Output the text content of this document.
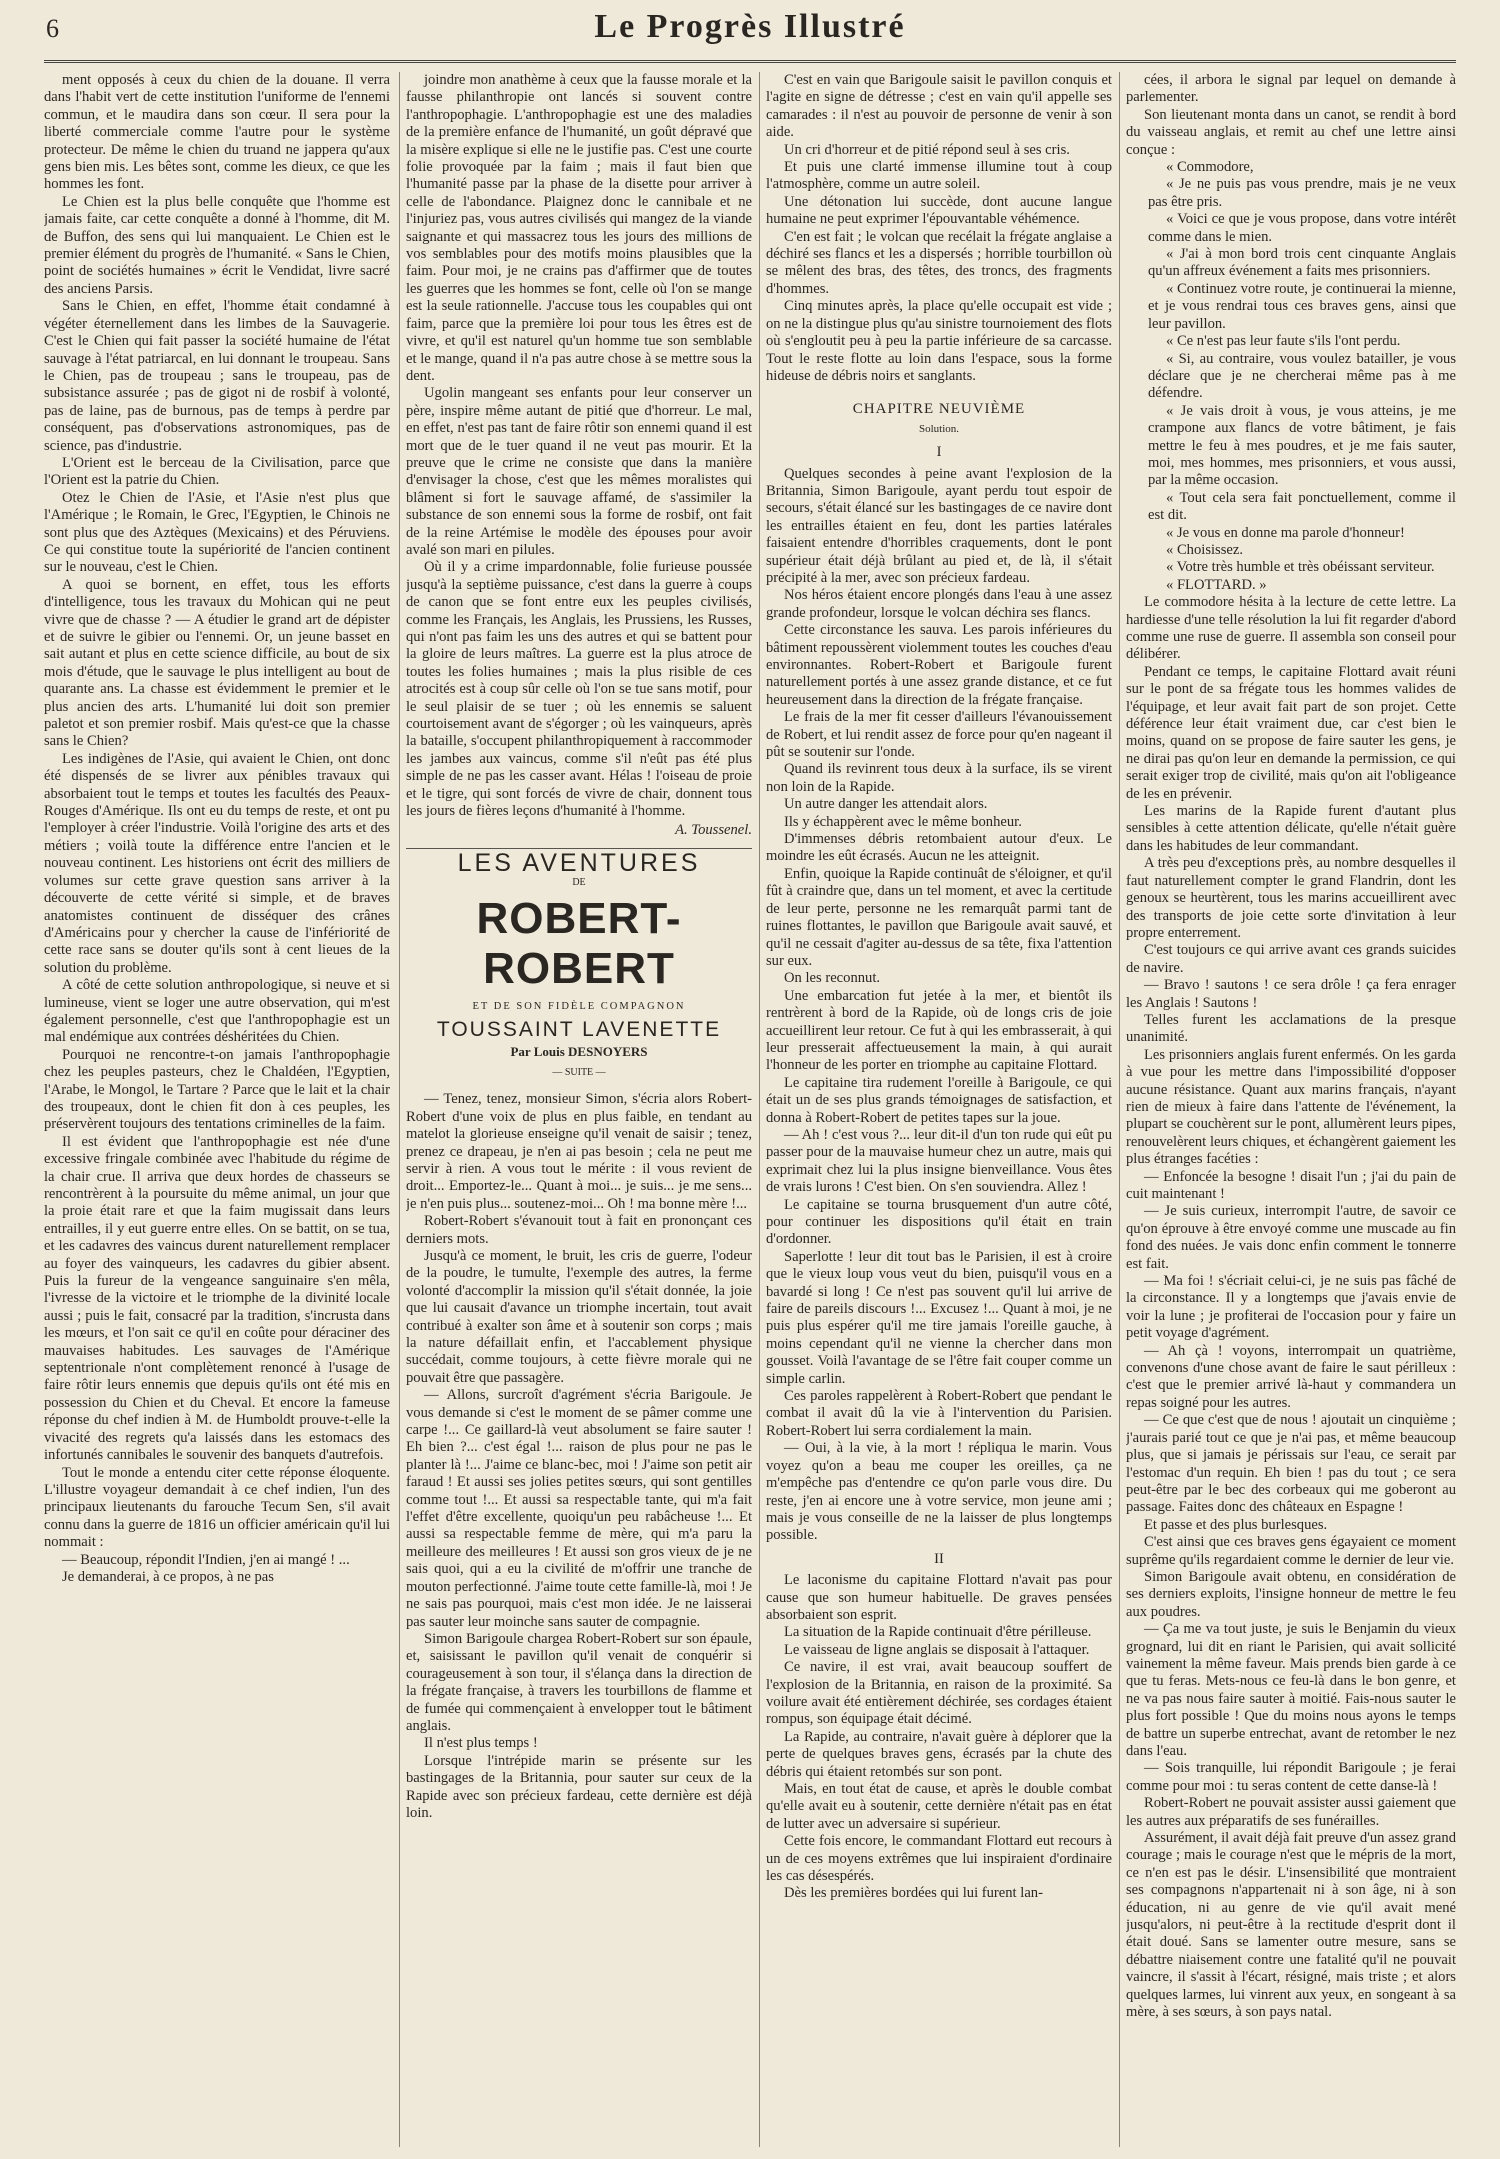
6	Le Progrès Illustré

ment opposés à ceux du chien de la douane. Il verra dans l'habit vert de cette institution l'uniforme de l'ennemi commun, et le maudira dans son cœur. Il sera pour la liberté commerciale comme l'autre pour le système protecteur. De même le chien du truand ne jappera qu'aux gens bien mis. Les bêtes sont, comme les dieux, ce que les hommes les font.

Le Chien est la plus belle conquête que l'homme est jamais faite, car cette conquête a donné à l'homme, dit M. de Buffon, des sens qui lui manquaient. Le Chien est le premier élément du progrès de l'humanité. « Sans le Chien, point de sociétés humaines » écrit le Vendidat, livre sacré des anciens Parsis.

Sans le Chien, en effet, l'homme était condamné à végéter éternellement dans les limbes de la Sauvagerie. C'est le Chien qui fait passer la société humaine de l'état sauvage à l'état patriarcal, en lui donnant le troupeau. Sans le Chien, pas de troupeau ; sans le troupeau, pas de subsistance assurée ; pas de gigot ni de rosbif à volonté, pas de laine, pas de burnous, pas de temps à perdre par conséquent, pas d'observations astronomiques, pas de science, pas d'industrie.

L'Orient est le berceau de la Civilisation, parce que l'Orient est la patrie du Chien.

Otez le Chien de l'Asie, et l'Asie n'est plus que l'Amérique ; le Romain, le Grec, l'Egyptien, le Chinois ne sont plus que des Aztèques (Mexicains) et des Péruviens. Ce qui constitue toute la supériorité de l'ancien continent sur le nouveau, c'est le Chien.

A quoi se bornent, en effet, tous les efforts d'intelligence, tous les travaux du Mohican qui ne peut vivre que de chasse ? — A étudier le grand art de dépister et de suivre le gibier ou l'ennemi. Or, un jeune basset en sait autant et plus en cette science difficile, au bout de six mois d'étude, que le sauvage le plus intelligent au bout de quarante ans. La chasse est évidemment le premier et le plus ancien des arts. L'humanité lui doit son premier paletot et son premier rosbif. Mais qu'est-ce que la chasse sans le Chien?

Les indigènes de l'Asie, qui avaient le Chien, ont donc été dispensés de se livrer aux pénibles travaux qui absorbaient tout le temps et toutes les facultés des Peaux-Rouges d'Amérique. Ils ont eu du temps de reste, et ont pu l'employer à créer l'industrie. Voilà l'origine des arts et des métiers ; voilà toute la différence entre l'ancien et le nouveau continent. Les historiens ont écrit des milliers de volumes sur cette grave question sans arriver à la découverte de cette vérité si simple, et de braves anatomistes continuent de disséquer des crânes d'Américains pour y chercher la cause de l'infériorité de cette race sans se douter qu'ils sont à cent lieues de la solution du problème.

A côté de cette solution anthropologique, si neuve et si lumineuse, vient se loger une autre observation, qui m'est également personnelle, c'est que l'anthropophagie est un mal endémique aux contrées déshéritées du Chien.

Pourquoi ne rencontre-t-on jamais l'anthropophagie chez les peuples pasteurs, chez le Chaldéen, l'Egyptien, l'Arabe, le Mongol, le Tartare ? Parce que le lait et la chair des troupeaux, dont le chien fit don à ces peuples, les préservèrent toujours des tentations criminelles de la faim.

Il est évident que l'anthropophagie est née d'une excessive fringale combinée avec l'habitude du régime de la chair crue. Il arriva que deux hordes de chasseurs se rencontrèrent à la poursuite du même animal, un jour que la proie était rare et que la faim mugissait dans leurs entrailles, il y eut guerre entre elles. On se battit, on se tua, et les cadavres des vaincus durent naturellement remplacer au foyer des vainqueurs, les cadavres du gibier absent. Puis la fureur de la vengeance sanguinaire s'en mêla, l'ivresse de la victoire et le triomphe de la divinité locale aussi ; puis le fait, consacré par la tradition, s'incrusta dans les mœurs, et l'on sait ce qu'il en coûte pour déraciner des mauvaises habitudes. Les sauvages de l'Amérique septentrionale n'ont complètement renoncé à l'usage de faire rôtir leurs ennemis que depuis qu'ils ont été mis en possession du Chien et du Cheval. Et encore la fameuse réponse du chef indien à M. de Humboldt prouve-t-elle la vivacité des regrets qu'a laissés dans les estomacs des infortunés cannibales le souvenir des banquets d'autrefois.

Tout le monde a entendu citer cette réponse éloquente. L'illustre voyageur demandait à ce chef indien, l'un des principaux lieutenants du farouche Tecum Sen, s'il avait connu dans la guerre de 1816 un officier américain qu'il lui nommait :

— Beaucoup, répondit l'Indien, j'en ai mangé ! ...

Je demanderai, à ce propos, à ne pas

joindre mon anathème à ceux que la fausse morale et la fausse philanthropie ont lancés si souvent contre l'anthropophagie. L'anthropophagie est une des maladies de la première enfance de l'humanité, un goût dépravé que la misère explique si elle ne le justifie pas. C'est une courte folie provoquée par la faim ; mais il faut bien que l'humanité passe par la phase de la disette pour arriver à celle de l'abondance. Plaignez donc le cannibale et ne l'injuriez pas, vous autres civilisés qui mangez de la viande saignante et qui massacrez tous les jours des millions de vos semblables pour des motifs moins plausibles que la faim. Pour moi, je ne crains pas d'affirmer que de toutes les guerres que les hommes se font, celle où l'on se mange est la seule rationnelle. J'accuse tous les coupables qui ont faim, parce que la première loi pour tous les êtres est de vivre, et qu'il est naturel qu'un homme tue son semblable et le mange, quand il n'a pas autre chose à se mettre sous la dent.

Ugolin mangeant ses enfants pour leur conserver un père, inspire même autant de pitié que d'horreur. Le mal, en effet, n'est pas tant de faire rôtir son ennemi quand il est mort que de le tuer quand il ne veut pas mourir. Et la preuve que le crime ne consiste que dans la manière d'envisager la chose, c'est que les mêmes moralistes qui blâment si fort le sauvage affamé, de s'assimiler la substance de son ennemi sous la forme de rosbif, ont fait de la reine Artémise le modèle des épouses pour avoir avalé son mari en pilules.

Où il y a crime impardonnable, folie furieuse poussée jusqu'à la septième puissance, c'est dans la guerre à coups de canon que se font entre eux les peuples civilisés, comme les Français, les Anglais, les Prussiens, les Russes, qui n'ont pas faim les uns des autres et qui se battent pour la gloire de leurs maîtres. La guerre est la plus atroce de toutes les folies humaines ; mais la plus risible de ces atrocités est à coup sûr celle où l'on se tue sans motif, pour le seul plaisir de se tuer ; où les ennemis se saluent courtoisement avant de s'égorger ; où les vainqueurs, après la bataille, s'occupent philanthropiquement à raccommoder les jambes aux vaincus, comme s'il n'eût pas été plus simple de ne pas les casser avant. Hélas ! l'oiseau de proie et le tigre, qui sont forcés de vivre de chair, donnent tous les jours de fières leçons d'humanité à l'homme.

A. Toussenel.
LES AVENTURES
DE
ROBERT-ROBERT
ET DE SON FIDÈLE COMPAGNON
TOUSSAINT LAVENETTE
Par Louis DESNOYERS
— SUITE —

— Tenez, tenez, monsieur Simon, s'écria alors Robert-Robert d'une voix de plus en plus faible, en tendant au matelot la glorieuse enseigne qu'il venait de saisir ; tenez, prenez ce drapeau, je n'en ai pas besoin ; cela ne peut me servir à rien. A vous tout le mérite : il vous revient de droit... Emportez-le... Quant à moi... je suis... je me sens... je n'en puis plus... soutenez-moi... Oh ! ma bonne mère !...

Robert-Robert s'évanouit tout à fait en prononçant ces derniers mots.

Jusqu'à ce moment, le bruit, les cris de guerre, l'odeur de la poudre, le tumulte, l'exemple des autres, la ferme volonté d'accomplir la mission qu'il s'était donnée, la joie que lui causait d'avance un triomphe incertain, tout avait contribué à exalter son âme et à soutenir son corps ; mais la nature défaillait enfin, et l'accablement physique succédait, comme toujours, à cette fièvre morale qui ne pouvait être que passagère.

— Allons, surcroît d'agrément s'écria Barigoule. Je vous demande si c'est le moment de se pâmer comme une carpe !... Ce gaillard-là veut absolument se faire sauter ! Eh bien ?... c'est égal !... raison de plus pour ne pas le planter là !... J'aime ce blanc-bec, moi ! J'aime son petit air faraud ! Et aussi ses jolies petites sœurs, qui sont gentilles comme tout !... Et aussi sa respectable tante, qui m'a fait l'effet d'être excellente, quoiqu'un peu rabâcheuse !... Et aussi sa respectable femme de mère, qui m'a paru la meilleure des meilleures ! Et aussi son gros vieux de je ne sais quoi, qui a eu la civilité de m'offrir une tranche de mouton perfectionné. J'aime toute cette famille-là, moi ! Je ne sais pas pourquoi, mais c'est mon idée. Je ne laisserai pas sauter leur moinche sans sauter de compagnie.

Simon Barigoule chargea Robert-Robert sur son épaule, et, saisissant le pavillon qu'il venait de conquérir si courageusement à son tour, il s'élança dans la direction de la frégate française, à travers les tourbillons de flamme et de fumée qui commençaient à envelopper tout le bâtiment anglais.

Il n'est plus temps !

Lorsque l'intrépide marin se présente sur les bastingages de la Britannia, pour sauter sur ceux de la Rapide avec son précieux fardeau, cette dernière est déjà loin.

C'est en vain que Barigoule saisit le pavillon conquis et l'agite en signe de détresse ; c'est en vain qu'il appelle ses camarades : il n'est au pouvoir de personne de venir à son aide.

Un cri d'horreur et de pitié répond seul à ses cris.

Et puis une clarté immense illumine tout à coup l'atmosphère, comme un autre soleil.

Une détonation lui succède, dont aucune langue humaine ne peut exprimer l'épouvantable véhémence.

C'en est fait ; le volcan que recélait la frégate anglaise a déchiré ses flancs et les a dispersés ; horrible tourbillon où se mêlent des bras, des têtes, des troncs, des fragments d'hommes.

Cinq minutes après, la place qu'elle occupait est vide ; on ne la distingue plus qu'au sinistre tournoiement des flots où s'engloutit peu à peu la partie inférieure de sa carcasse. Tout le reste flotte au loin dans l'espace, sous la forme hideuse de débris noirs et sanglants.

CHAPITRE NEUVIÈME
Solution.
I

Quelques secondes à peine avant l'explosion de la Britannia, Simon Barigoule, ayant perdu tout espoir de secours, s'était élancé sur les bastingages de ce navire dont les entrailles étaient en feu, dont les parties latérales faisaient entendre d'horribles craquements, dont le pont supérieur était déjà brûlant au pied et, de là, il s'était précipité à la mer, avec son précieux fardeau.

Nos héros étaient encore plongés dans l'eau à une assez grande profondeur, lorsque le volcan déchira ses flancs.

Cette circonstance les sauva. Les parois inférieures du bâtiment repoussèrent violemment toutes les couches d'eau environnantes. Robert-Robert et Barigoule furent naturellement portés à une assez grande distance, et ce fut heureusement dans la direction de la frégate française.

Le frais de la mer fit cesser d'ailleurs l'évanouissement de Robert, et lui rendit assez de force pour qu'en nageant il pût se soutenir sur l'onde.

Quand ils revinrent tous deux à la surface, ils se virent non loin de la Rapide.

Un autre danger les attendait alors.

Ils y échappèrent avec le même bonheur.

D'immenses débris retombaient autour d'eux. Le moindre les eût écrasés. Aucun ne les atteignit.

Enfin, quoique la Rapide continuât de s'éloigner, et qu'il fût à craindre que, dans un tel moment, et avec la certitude de leur perte, personne ne les remarquât parmi tant de ruines flottantes, le pavillon que Barigoule avait sauvé, et qu'il ne cessait d'agiter au-dessus de sa tête, fixa l'attention sur eux.

On les reconnut.

Une embarcation fut jetée à la mer, et bientôt ils rentrèrent à bord de la Rapide, où de longs cris de joie accueillirent leur retour. Ce fut à qui les embrasserait, à qui leur presserait affectueusement la main, à qui aurait l'honneur de les porter en triomphe au capitaine Flottard.

Le capitaine tira rudement l'oreille à Barigoule, ce qui était un de ses plus grands témoignages de satisfaction, et donna à Robert-Robert de petites tapes sur la joue.

— Ah ! c'est vous ?... leur dit-il d'un ton rude qui eût pu passer pour de la mauvaise humeur chez un autre, mais qui exprimait chez lui la plus insigne bienveillance. Vous êtes de vrais lurons ! C'est bien. On s'en souviendra. Allez !

Le capitaine se tourna brusquement d'un autre côté, pour continuer les dispositions qu'il était en train d'ordonner.

Saperlotte ! leur dit tout bas le Parisien, il est à croire que le vieux loup vous veut du bien, puisqu'il vous en a bavardé si long ! Ce n'est pas souvent qu'il lui arrive de faire de pareils discours !... Excusez !... Quant à moi, je ne puis plus espérer qu'il me tire jamais l'oreille gauche, à moins cependant qu'il ne vienne la chercher dans mon gousset. Voilà l'avantage de se l'être fait couper comme un simple carlin.

Ces paroles rappelèrent à Robert-Robert que pendant le combat il avait dû la vie à l'intervention du Parisien. Robert-Robert lui serra cordialement la main.

— Oui, à la vie, à la mort ! répliqua le marin. Vous voyez qu'on a beau me couper les oreilles, ça ne m'empêche pas d'entendre ce qu'on parle vous dire. Du reste, j'en ai encore une à votre service, mon jeune ami ; mais je vous conseille de ne la laisser de plus longtemps possible.

II

Le laconisme du capitaine Flottard n'avait pas pour cause que son humeur habituelle. De graves pensées absorbaient son esprit.

La situation de la Rapide continuait d'être périlleuse.

Le vaisseau de ligne anglais se disposait à l'attaquer.

Ce navire, il est vrai, avait beaucoup souffert de l'explosion de la Britannia, en raison de la proximité. Sa voilure avait été entièrement déchirée, ses cordages étaient rompus, son équipage était décimé.

La Rapide, au contraire, n'avait guère à déplorer que la perte de quelques braves gens, écrasés par la chute des débris qui étaient retombés sur son pont.

Mais, en tout état de cause, et après le double combat qu'elle avait eu à soutenir, cette dernière n'était pas en état de lutter avec un adversaire si supérieur.

Cette fois encore, le commandant Flottard eut recours à un de ces moyens extrêmes que lui inspiraient d'ordinaire les cas désespérés.

Dès les premières bordées qui lui furent lan-

cées, il arbora le signal par lequel on demande à parlementer.

Son lieutenant monta dans un canot, se rendit à bord du vaisseau anglais, et remit au chef une lettre ainsi conçue :

« Commodore,

« Je ne puis pas vous prendre, mais je ne veux pas être pris.

« Voici ce que je vous propose, dans votre intérêt comme dans le mien.

« J'ai à mon bord trois cent cinquante Anglais qu'un affreux événement a faits mes prisonniers.

« Continuez votre route, je continuerai la mienne, et je vous rendrai tous ces braves gens, ainsi que leur pavillon.

« Ce n'est pas leur faute s'ils l'ont perdu.

« Si, au contraire, vous voulez batailler, je vous déclare que je ne chercherai même pas à me défendre.

« Je vais droit à vous, je vous atteins, je me crampone aux flancs de votre bâtiment, je fais mettre le feu à mes poudres, et je me fais sauter, moi, mes hommes, mes prisonniers, et vous aussi, par la même occasion.

« Tout cela sera fait ponctuellement, comme il est dit.

« Je vous en donne ma parole d'honneur!

« Choisissez.

« Votre très humble et très obéissant serviteur.

« FLOTTARD. »

Le commodore hésita à la lecture de cette lettre. La hardiesse d'une telle résolution la lui fit regarder d'abord comme une ruse de guerre. Il assembla son conseil pour délibérer.

Pendant ce temps, le capitaine Flottard avait réuni sur le pont de sa frégate tous les hommes valides de l'équipage, et leur avait fait part de son projet. Cette déférence leur était vraiment due, car c'est bien le moins, quand on se propose de faire sauter les gens, je ne dirai pas qu'on leur en demande la permission, ce qui serait exiger trop de civilité, mais qu'on ait l'obligeance de les en prévenir.

Les marins de la Rapide furent d'autant plus sensibles à cette attention délicate, qu'elle n'était guère dans les habitudes de leur commandant.

A très peu d'exceptions près, au nombre desquelles il faut naturellement compter le grand Flandrin, dont les genoux se heurtèrent, tous les marins accueillirent avec des transports de joie cette sorte d'invitation à leur propre enterrement.

C'est toujours ce qui arrive avant ces grands suicides de navire.

— Bravo ! sautons ! ce sera drôle ! ça fera enrager les Anglais ! Sautons !

Telles furent les acclamations de la presque unanimité.

Les prisonniers anglais furent enfermés. On les garda à vue pour les mettre dans l'impossibilité d'opposer aucune résistance. Quant aux marins français, n'ayant rien de mieux à faire dans l'attente de l'événement, la plupart se couchèrent sur le pont, allumèrent leurs pipes, renouvelèrent leurs chiques, et échangèrent gaiement les plus étranges facéties :

— Enfoncée la besogne ! disait l'un ; j'ai du pain de cuit maintenant !

— Je suis curieux, interrompit l'autre, de savoir ce qu'on éprouve à être envoyé comme une muscade au fin fond des nuées. Je vais donc enfin comment le tonnerre est fait.

— Ma foi ! s'écriait celui-ci, je ne suis pas fâché de la circonstance. Il y a longtemps que j'avais envie de voir la lune ; je profiterai de l'occasion pour y faire un petit voyage d'agrément.

— Ah çà ! voyons, interrompait un quatrième, convenons d'une chose avant de faire le saut périlleux : c'est que le premier arrivé là-haut y commandera un repas soigné pour les autres.

— Ce que c'est que de nous ! ajoutait un cinquième ; j'aurais parié tout ce que je n'ai pas, et même beaucoup plus, que si jamais je périssais sur l'eau, ce serait par l'estomac d'un requin. Eh bien ! pas du tout ; ce sera peut-être par le bec des corbeaux qui me goberont au passage. Faites donc des châteaux en Espagne !

Et passe et des plus burlesques.

C'est ainsi que ces braves gens égayaient ce moment suprême qu'ils regardaient comme le dernier de leur vie.

Simon Barigoule avait obtenu, en considération de ses derniers exploits, l'insigne honneur de mettre le feu aux poudres.

— Ça me va tout juste, je suis le Benjamin du vieux grognard, lui dit en riant le Parisien, qui avait sollicité vainement la même faveur. Mais prends bien garde à ce que tu feras. Mets-nous ce feu-là dans le bon genre, et ne va pas nous faire sauter à moitié. Fais-nous sauter le plus fort possible ! Que du moins nous ayons le temps de battre un superbe entrechat, avant de retomber le nez dans l'eau.

— Sois tranquille, lui répondit Barigoule ; je ferai comme pour moi : tu seras content de cette danse-là !

Robert-Robert ne pouvait assister aussi gaiement que les autres aux préparatifs de ses funérailles.

Assurément, il avait déjà fait preuve d'un assez grand courage ; mais le courage n'est que le mépris de la mort, ce n'en est pas le désir. L'insensibilité que montraient ses compagnons n'appartenait ni à son âge, ni à son éducation, ni au genre de vie qu'il avait mené jusqu'alors, ni peut-être à la rectitude d'esprit dont il était doué. Sans se lamenter outre mesure, sans se débattre niaisement contre une fatalité qu'il ne pouvait vaincre, il s'assit à l'écart, résigné, mais triste ; et alors quelques larmes, lui vinrent aux yeux, en songeant à sa mère, à ses sœurs, à son pays natal.
